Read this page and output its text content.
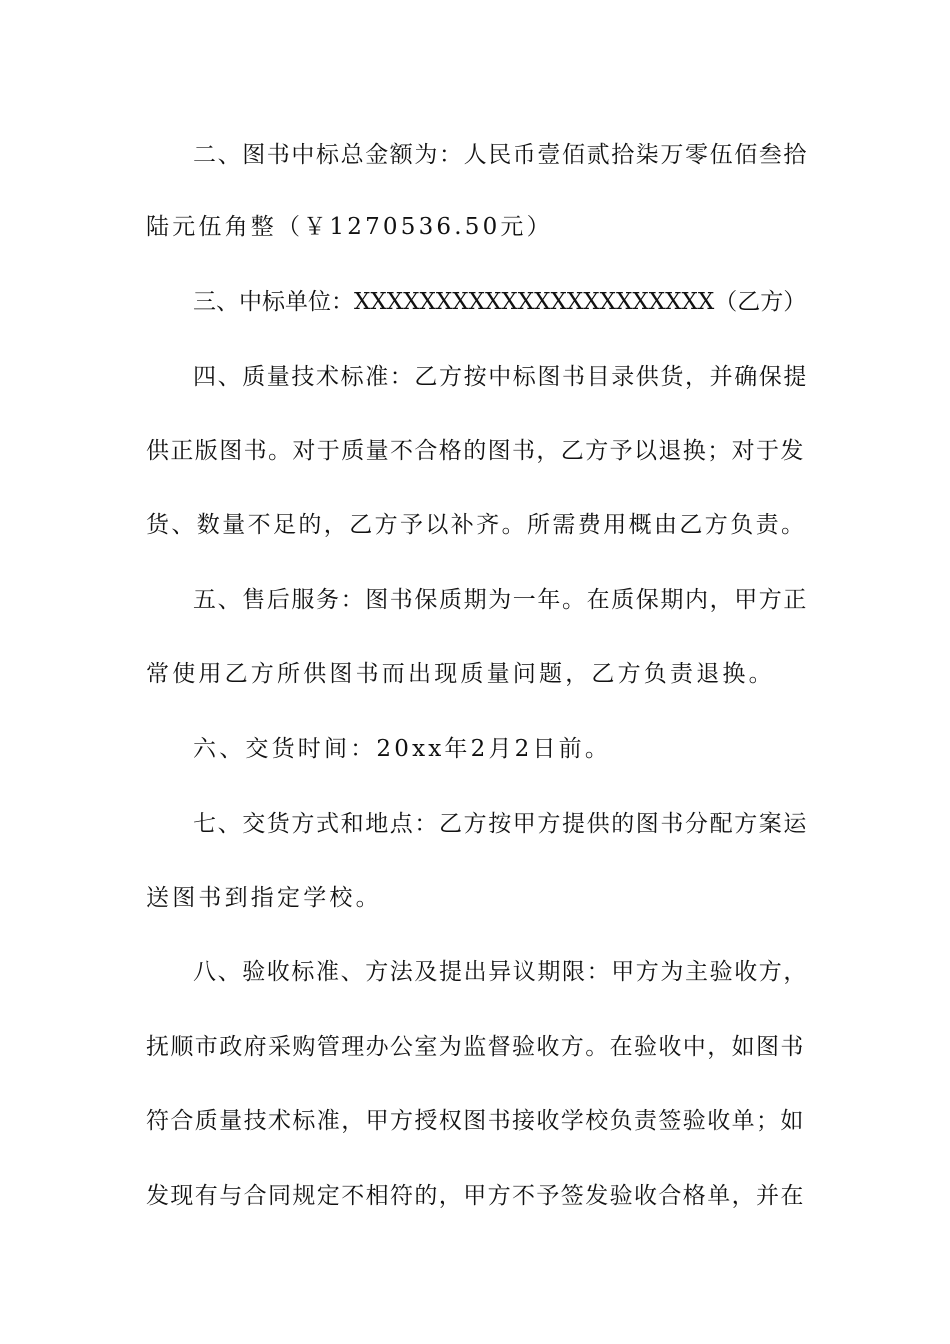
二、图书中标总金额为：人民币壹佰贰拾柒万零伍佰叁拾
陆元伍角整（￥1270536.50元）
三、中标单位：XXXXXXXXXXXXXXXXXXXXXX（乙方）
四、质量技术标准：乙方按中标图书目录供货，并确保提
供正版图书。对于质量不合格的图书，乙方予以退换；对于发
货、数量不足的，乙方予以补齐。所需费用概由乙方负责。
五、售后服务：图书保质期为一年。在质保期内，甲方正
常使用乙方所供图书而出现质量问题，乙方负责退换。
六、交货时间：20xx年2月2日前。
七、交货方式和地点：乙方按甲方提供的图书分配方案运
送图书到指定学校。
八、验收标准、方法及提出异议期限：甲方为主验收方，
抚顺市政府采购管理办公室为监督验收方。在验收中，如图书
符合质量技术标准，甲方授权图书接收学校负责签验收单；如
发现有与合同规定不相符的，甲方不予签发验收合格单，并在
